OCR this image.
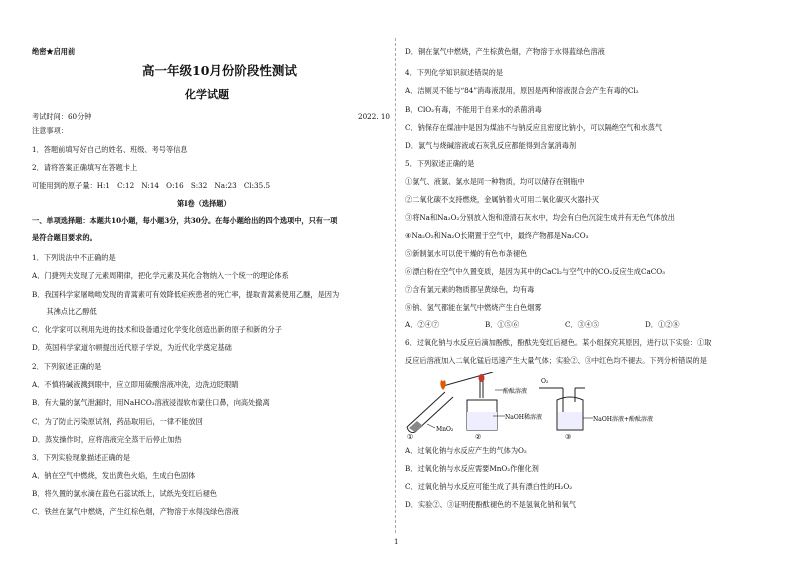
绝密★启用前
高一年级10月份阶段性测试
化学试题
考试时间：60分钟	2022. 10
注意事项：
1．答题前填写好自己的姓名、班级、考号等信息
2．请将答案正确填写在答题卡上
可能用到的原子量：H:1　C:12　N:14　O:16　S:32　Na:23　Cl:35.5
第I卷（选择题）
一、单项选择题：本题共10小题，每小题3分，共30分。在每小题给出的四个选项中，只有一项
是符合题目要求的。
1．下列说法中不正确的是
A．门捷列夫发现了元素周期律，把化学元素及其化合物纳入一个统一的理论体系
B．我国科学家屠呦呦发现的青蒿素可有效降低疟疾患者的死亡率，提取青蒿素使用乙醚，是因为
　　其沸点比乙醇低
C．化学家可以利用先进的技术和设备通过化学变化创造出新的原子和新的分子
D．英国科学家道尔顿提出近代原子学说，为近代化学奠定基础
2．下列叙述正确的是
A．不慎将碱液溅到眼中，应立即用硫酸溶液冲洗，边洗边眨眼睛
B．有大量的氯气泄漏时，用NaHCO₃溶液浸湿软布蒙住口鼻，向高处撤离
C．为了防止污染原试剂，药品取用后，一律不能放回
D．蒸发操作时，应将溶液完全蒸干后停止加热
3．下列实验现象描述正确的是
A．钠在空气中燃烧，发出黄色火焰，生成白色固体
B．将久置的氯水滴在蓝色石蕊试纸上，试纸先变红后褪色
C．铁丝在氯气中燃烧，产生红棕色烟，产物溶于水得浅绿色溶液
D．铜在氯气中燃烧，产生棕黄色烟，产物溶于水得蓝绿色溶液
4．下列化学知识叙述错误的是
A．洁厕灵不能与“84”消毒液混用，原因是两种溶液混合会产生有毒的Cl₂
B．ClO₂有毒，不能用于自来水的杀菌消毒
C．钠保存在煤油中是因为煤油不与钠反应且密度比钠小，可以隔绝空气和水蒸气
D．氯气与烧碱溶液或石灰乳反应都能得到含氯消毒剂
5．下列叙述正确的是
①氯气、液氯、氯水是同一种物质，均可以储存在钢瓶中
②二氧化碳不支持燃烧，金属钠着火可用二氧化碳灭火器扑灭
③将Na和Na₂O₂分别放入饱和澄清石灰水中，均会有白色沉淀生成并有无色气体放出
④Na₂O₂和Na₂O长期置于空气中，最终产物都是Na₂CO₃
⑤新制氯水可以使干燥的有色布条褪色
⑥漂白粉在空气中久置变质，是因为其中的CaCl₂与空气中的CO₂反应生成CaCO₃
⑦含有氯元素的物质都呈黄绿色，均有毒
⑧钠、氢气都能在氯气中燃烧产生白色烟雾
A．②④⑦	B．①⑤⑥	C．③④⑤	D．①②⑧
6．过氧化钠与水反应后滴加酚酞，酚酞先变红后褪色。某小组探究其原因，进行以下实验：①取
反应后溶液加入二氧化锰后迅速产生大量气体；实验②、③中红色均不褪去。下列分析错误的是
MnO₂
①
酚酞溶液
NaOH稀溶液
②
O₂
NaOH溶液+酚酞溶液
③
A．过氧化钠与水反应产生的气体为O₂
B．过氧化钠与水反应需要MnO₂作催化剂
C．过氧化钠与水反应可能生成了具有漂白性的H₂O₂
D．实验②、③证明使酚酞褪色的不是氢氧化钠和氧气
1
